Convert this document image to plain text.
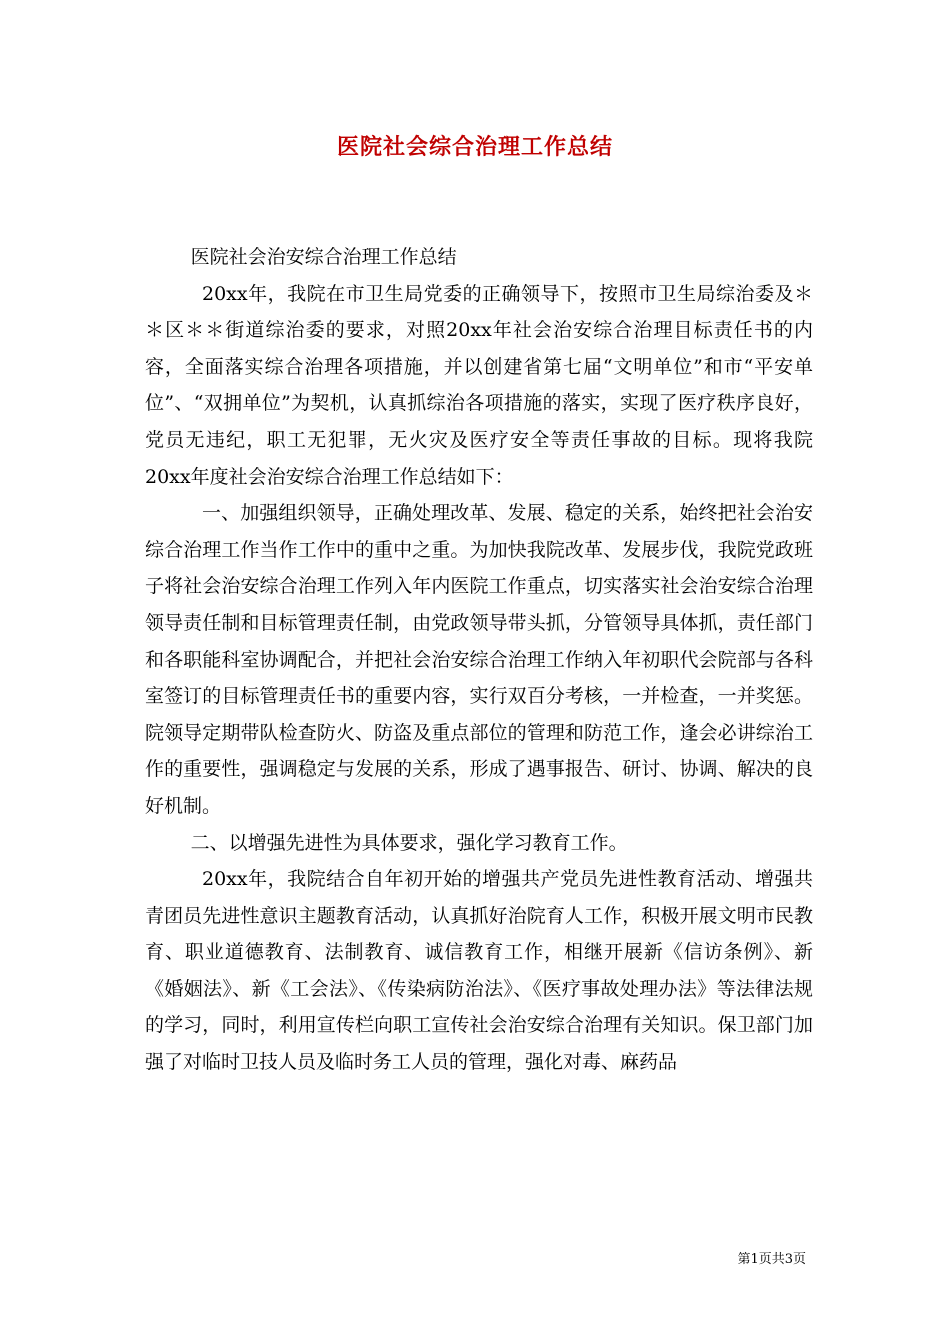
医院社会综合治理工作总结

医院社会治安综合治理工作总结

20xx年，我院在市卫生局党委的正确领导下，按照市卫生局综治委及＊＊区＊＊街道综治委的要求，对照20xx年社会治安综合治理目标责任书的内容，全面落实综合治理各项措施，并以创建省第七届“文明单位”和市“平安单位”、“双拥单位”为契机，认真抓综治各项措施的落实，实现了医疗秩序良好，党员无违纪，职工无犯罪，无火灾及医疗安全等责任事故的目标。现将我院20xx年度社会治安综合治理工作总结如下：

一、加强组织领导，正确处理改革、发展、稳定的关系，始终把社会治安综合治理工作当作工作中的重中之重。为加快我院改革、发展步伐，我院党政班子将社会治安综合治理工作列入年内医院工作重点，切实落实社会治安综合治理领导责任制和目标管理责任制，由党政领导带头抓，分管领导具体抓，责任部门和各职能科室协调配合，并把社会治安综合治理工作纳入年初职代会院部与各科室签订的目标管理责任书的重要内容，实行双百分考核，一并检查，一并奖惩。院领导定期带队检查防火、防盗及重点部位的管理和防范工作，逢会必讲综治工作的重要性，强调稳定与发展的关系，形成了遇事报告、研讨、协调、解决的良好机制。

二、以增强先进性为具体要求，强化学习教育工作。

20xx年，我院结合自年初开始的增强共产党员先进性教育活动、增强共青团员先进性意识主题教育活动，认真抓好治院育人工作，积极开展文明市民教育、职业道德教育、法制教育、诚信教育工作，相继开展新《信访条例》、新《婚姻法》、新《工会法》、《传染病防治法》、《医疗事故处理办法》等法律法规的学习，同时，利用宣传栏向职工宣传社会治安综合治理有关知识。保卫部门加强了对临时卫技人员及临时务工人员的管理，强化对毒、麻药品

第1页共3页
